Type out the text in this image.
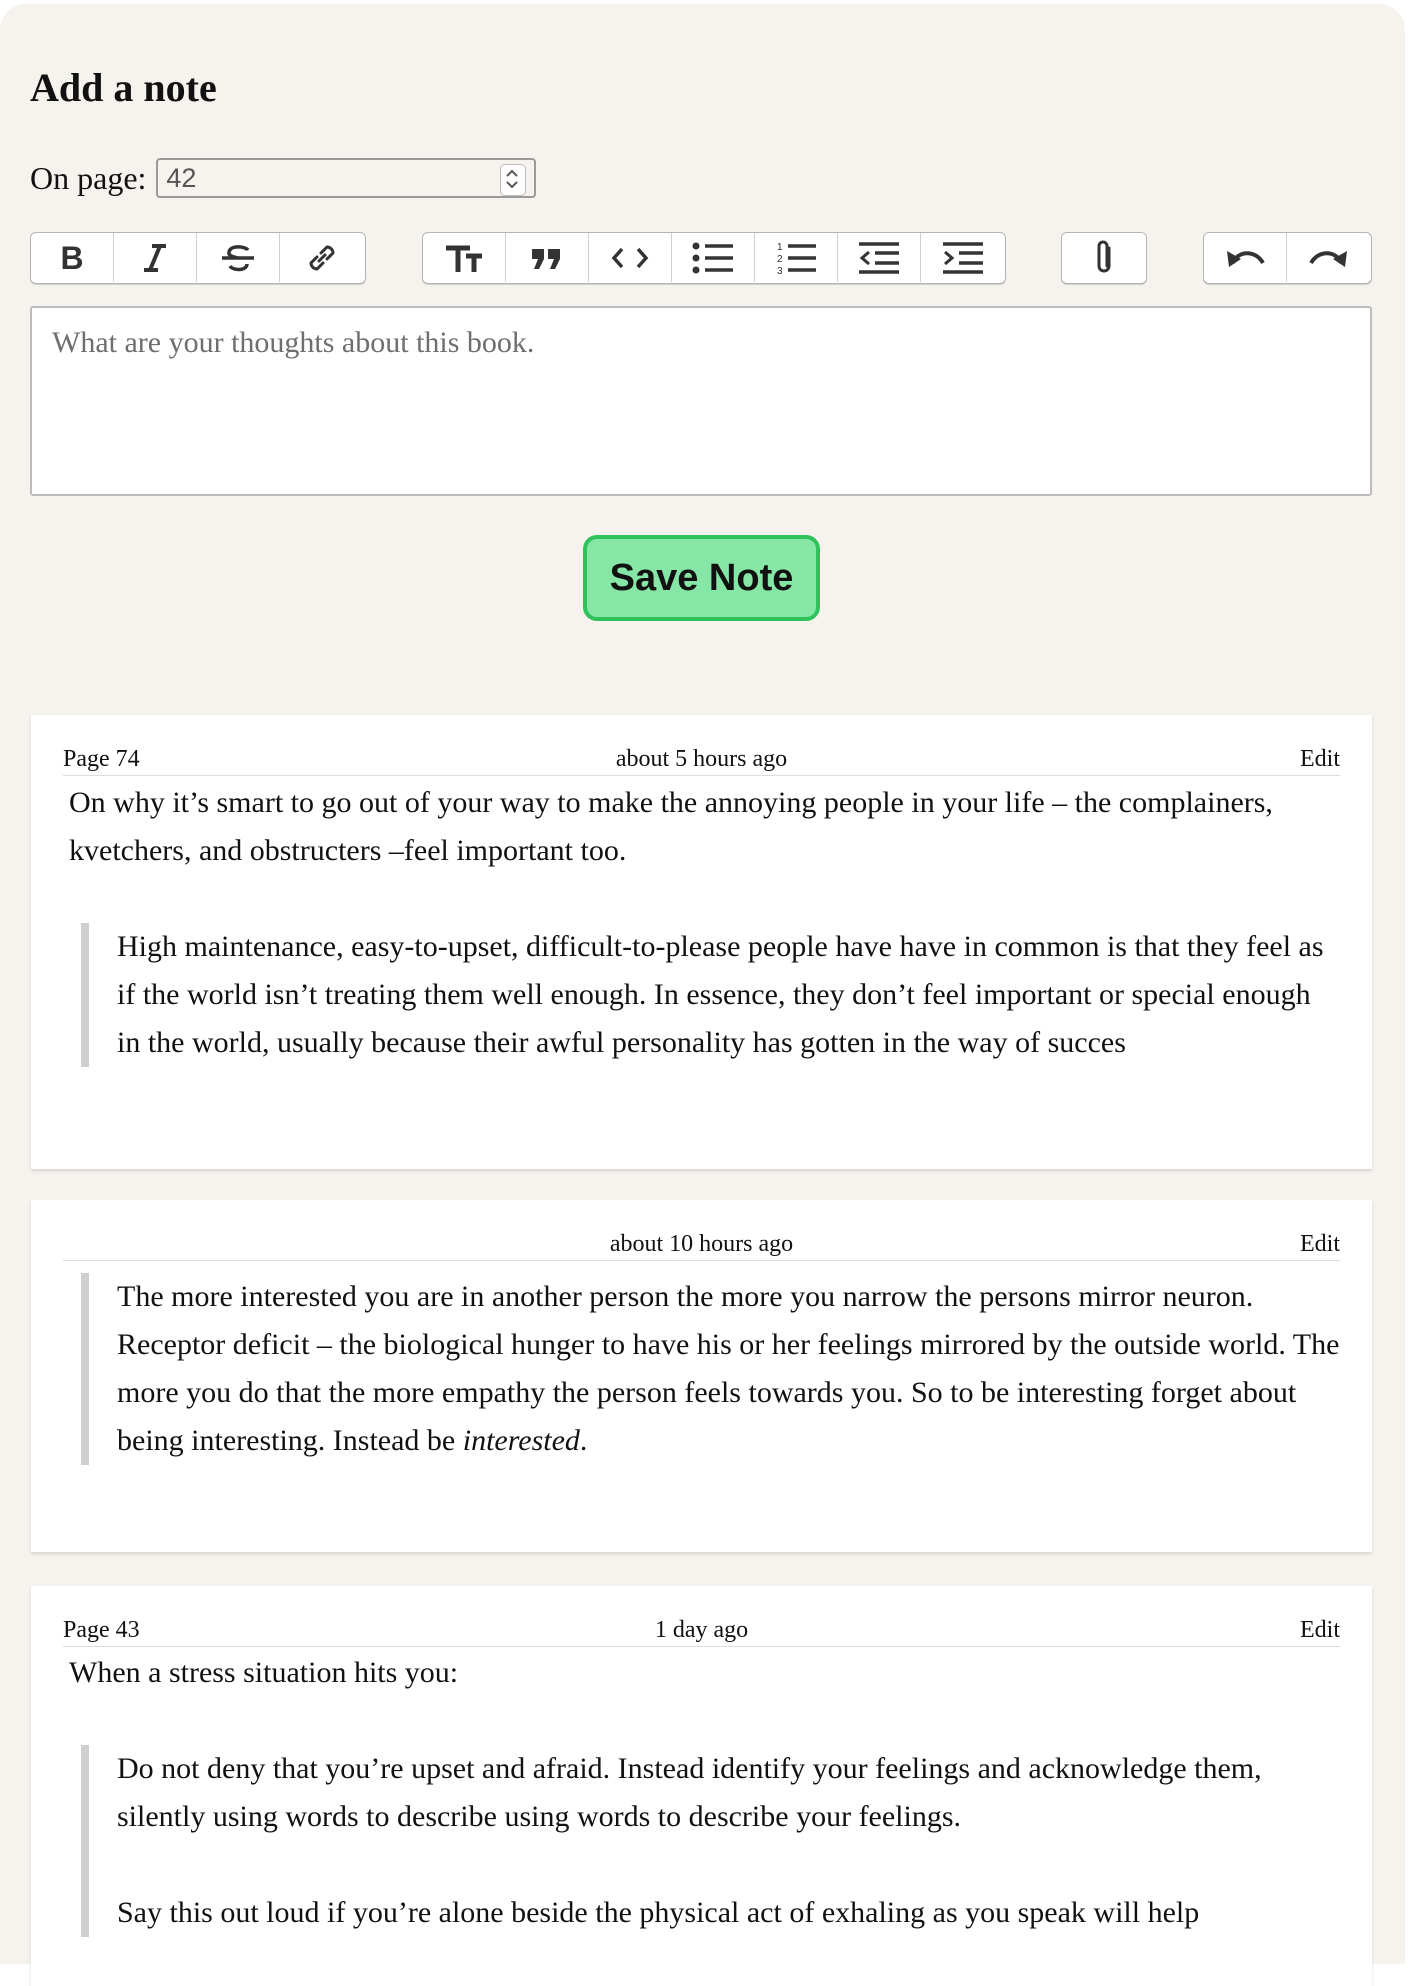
Add a note
On page: 42
B	1
2
3
What are your thoughts about this book.
Save Note
Page 74	about 5 hours ago	Edit

On why it’s smart to go out of your way to make the annoying people in your life – the complainers, kvetchers, and obstructers –feel important too.

High maintenance, easy-to-upset, difficult-to-please people have have in common is that they feel as if the world isn’t treating them well enough. In essence, they don’t feel important or special enough in the world, usually because their awful personality has gotten in the way of succes

about 10 hours ago	Edit

The more interested you are in another person the more you narrow the persons mirror neuron. Receptor deficit – the biological hunger to have his or her feelings mirrored by the outside world. The more you do that the more empathy the person feels towards you. So to be interesting forget about being interesting. Instead be interested.

Page 43	1 day ago	Edit

When a stress situation hits you:

Do not deny that you’re upset and afraid. Instead identify your feelings and acknowledge them, silently using words to describe using words to describe your feelings.

Say this out loud if you’re alone beside the physical act of exhaling as you speak will help
